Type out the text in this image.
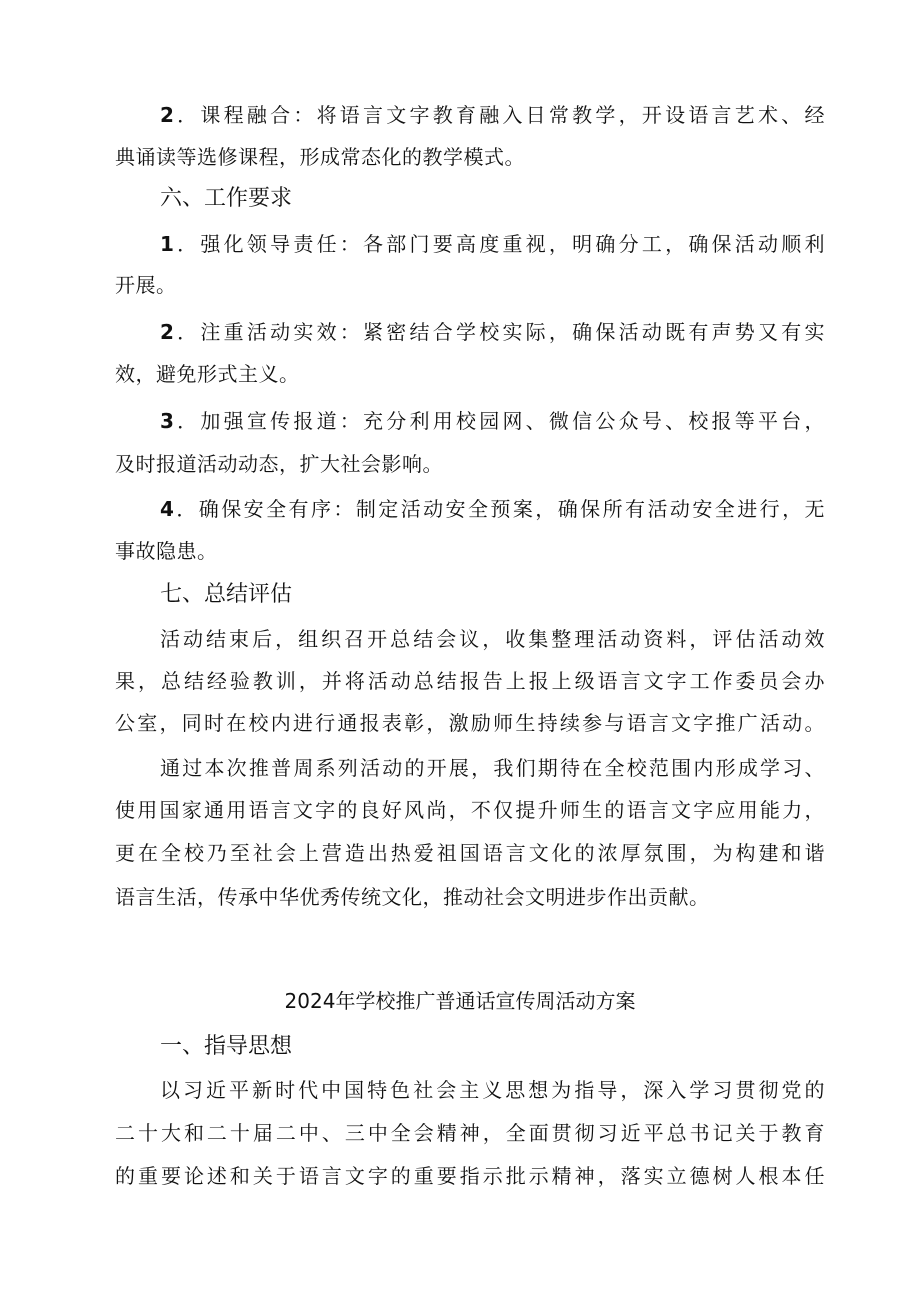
2．课程融合：将语言文字教育融入日常教学，开设语言艺术、经
典诵读等选修课程，形成常态化的教学模式。
六、工作要求
1．强化领导责任：各部门要高度重视，明确分工，确保活动顺利
开展。
2．注重活动实效：紧密结合学校实际，确保活动既有声势又有实
效，避免形式主义。
3．加强宣传报道：充分利用校园网、微信公众号、校报等平台，
及时报道活动动态，扩大社会影响。
4．确保安全有序：制定活动安全预案，确保所有活动安全进行，无
事故隐患。
七、总结评估
活动结束后，组织召开总结会议，收集整理活动资料，评估活动效
果，总结经验教训，并将活动总结报告上报上级语言文字工作委员会办
公室，同时在校内进行通报表彰，激励师生持续参与语言文字推广活动。
通过本次推普周系列活动的开展，我们期待在全校范围内形成学习、
使用国家通用语言文字的良好风尚，不仅提升师生的语言文字应用能力，
更在全校乃至社会上营造出热爱祖国语言文化的浓厚氛围，为构建和谐
语言生活，传承中华优秀传统文化，推动社会文明进步作出贡献。
2024年学校推广普通话宣传周活动方案
一、指导思想
以习近平新时代中国特色社会主义思想为指导，深入学习贯彻党的
二十大和二十届二中、三中全会精神，全面贯彻习近平总书记关于教育
的重要论述和关于语言文字的重要指示批示精神，落实立德树人根本任
